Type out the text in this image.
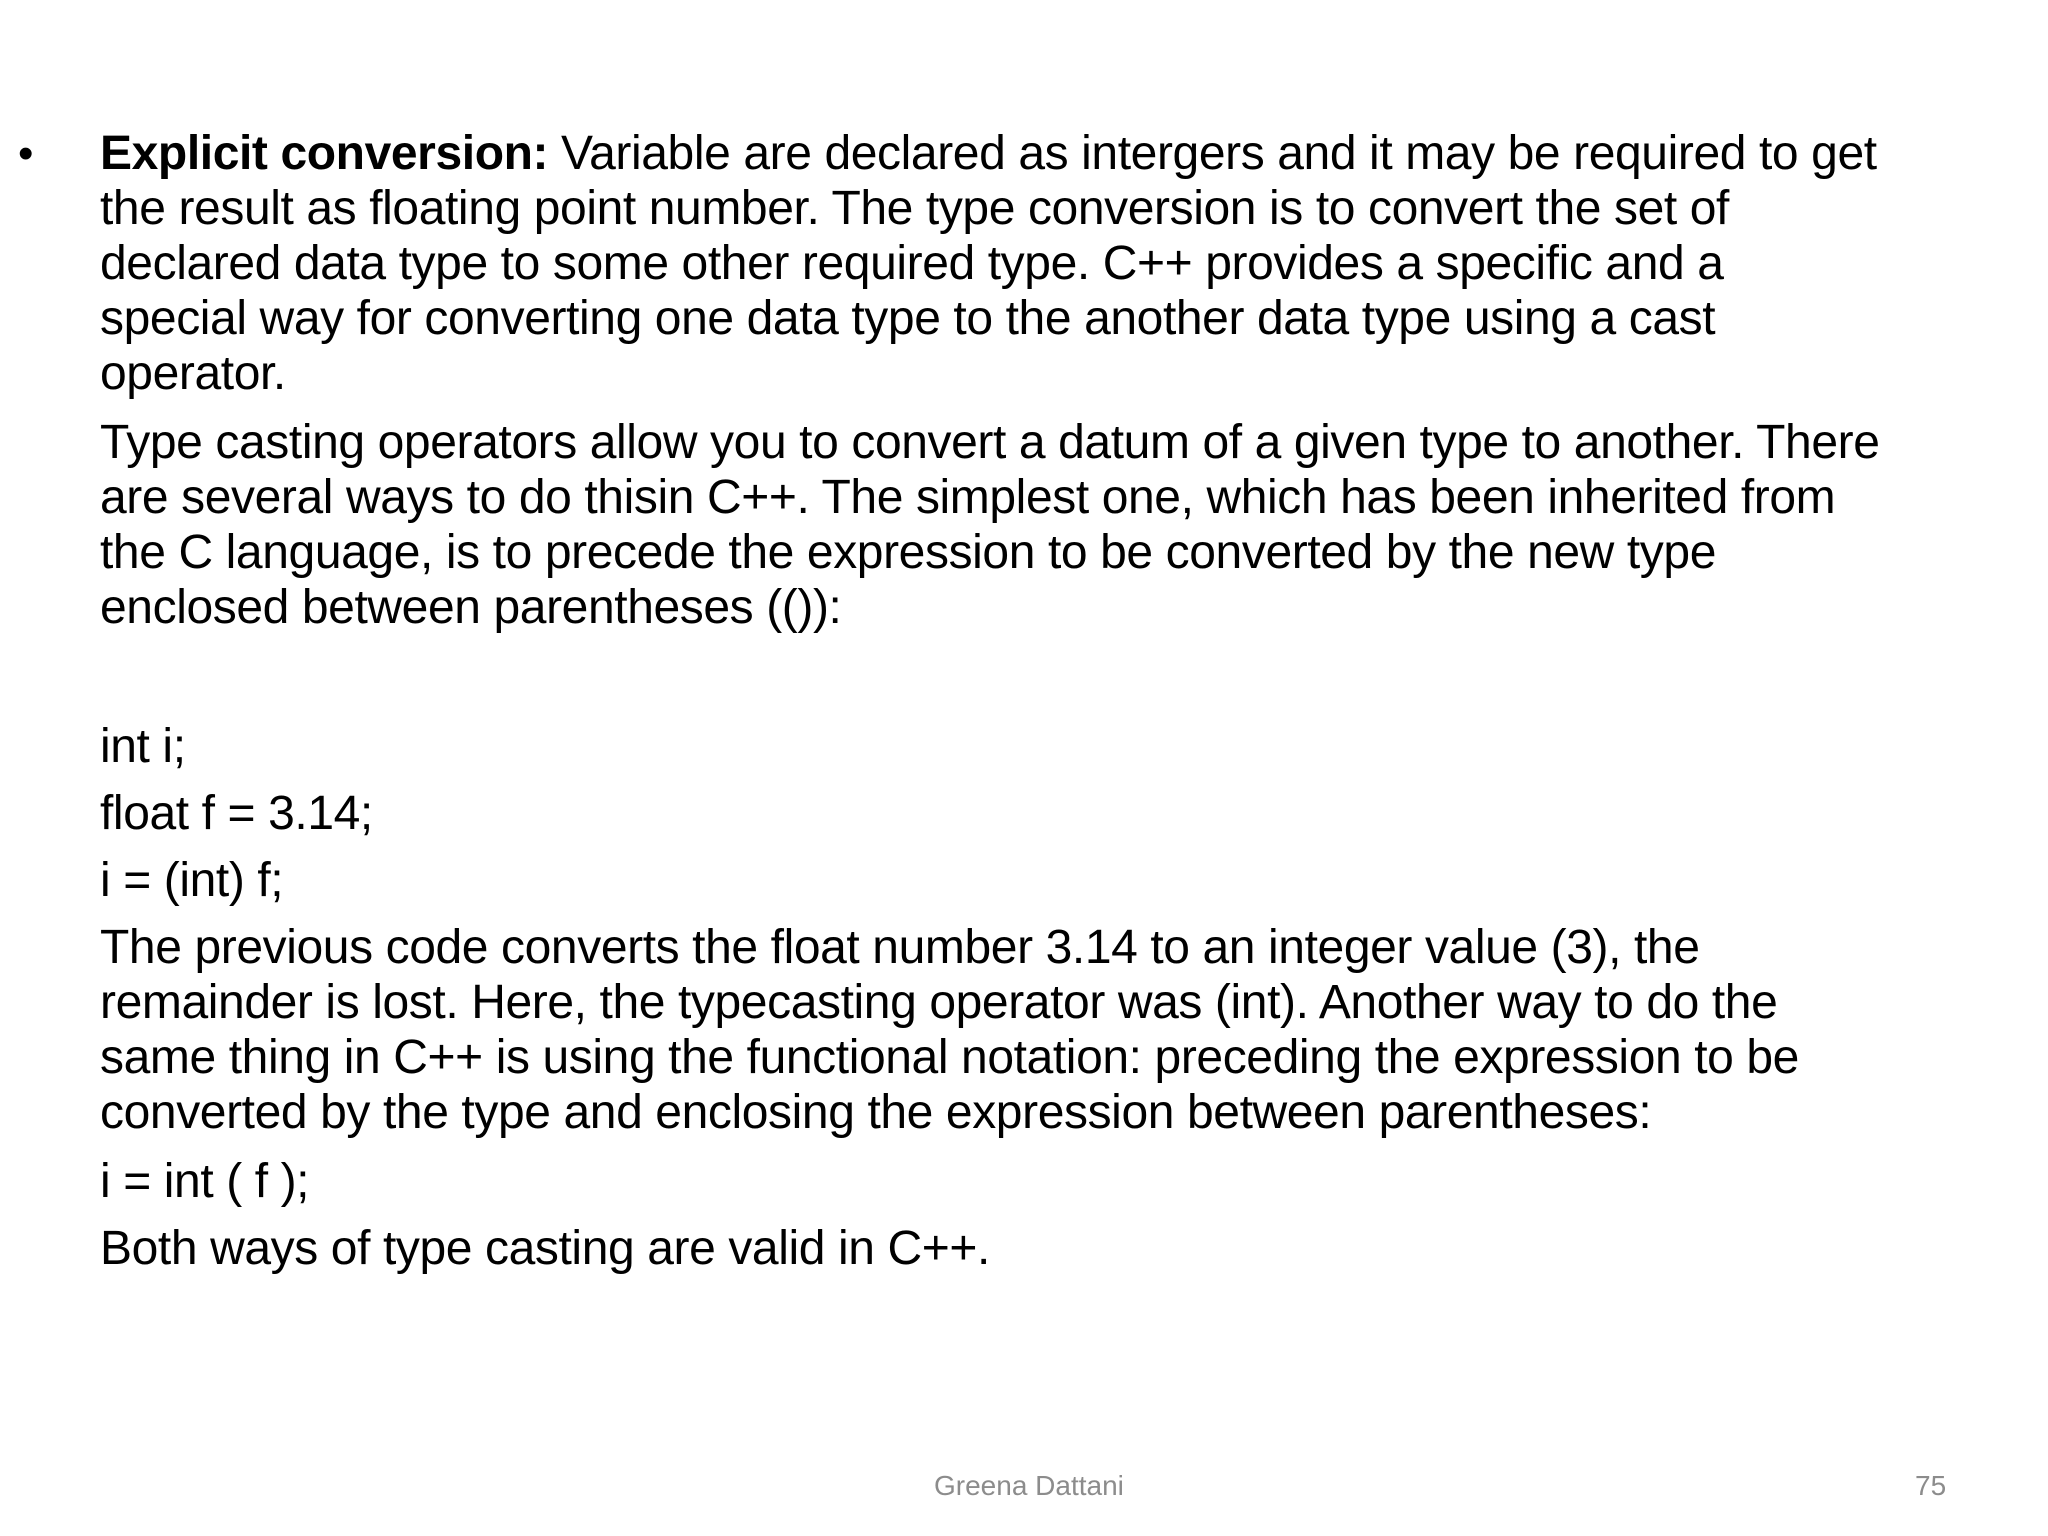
• Explicit conversion: Variable are declared as intergers and it may be required to get the result as floating point number. The type conversion is to convert the set of declared data type to some other required type. C++ provides a specific and a special way for converting one data type to the another data type using a cast operator.

Type casting operators allow you to convert a datum of a given type to another. There are several ways to do thisin C++. The simplest one, which has been inherited from the C language, is to precede the expression to be converted by the new type enclosed between parentheses (()):

int i;

float f = 3.14;

i = (int) f;

The previous code converts the float number 3.14 to an integer value (3), the remainder is lost. Here, the typecasting operator was (int). Another way to do the same thing in C++ is using the functional notation: preceding the expression to be converted by the type and enclosing the expression between parentheses:

i = int ( f );

Both ways of type casting are valid in C++.

Greena Dattani	75
